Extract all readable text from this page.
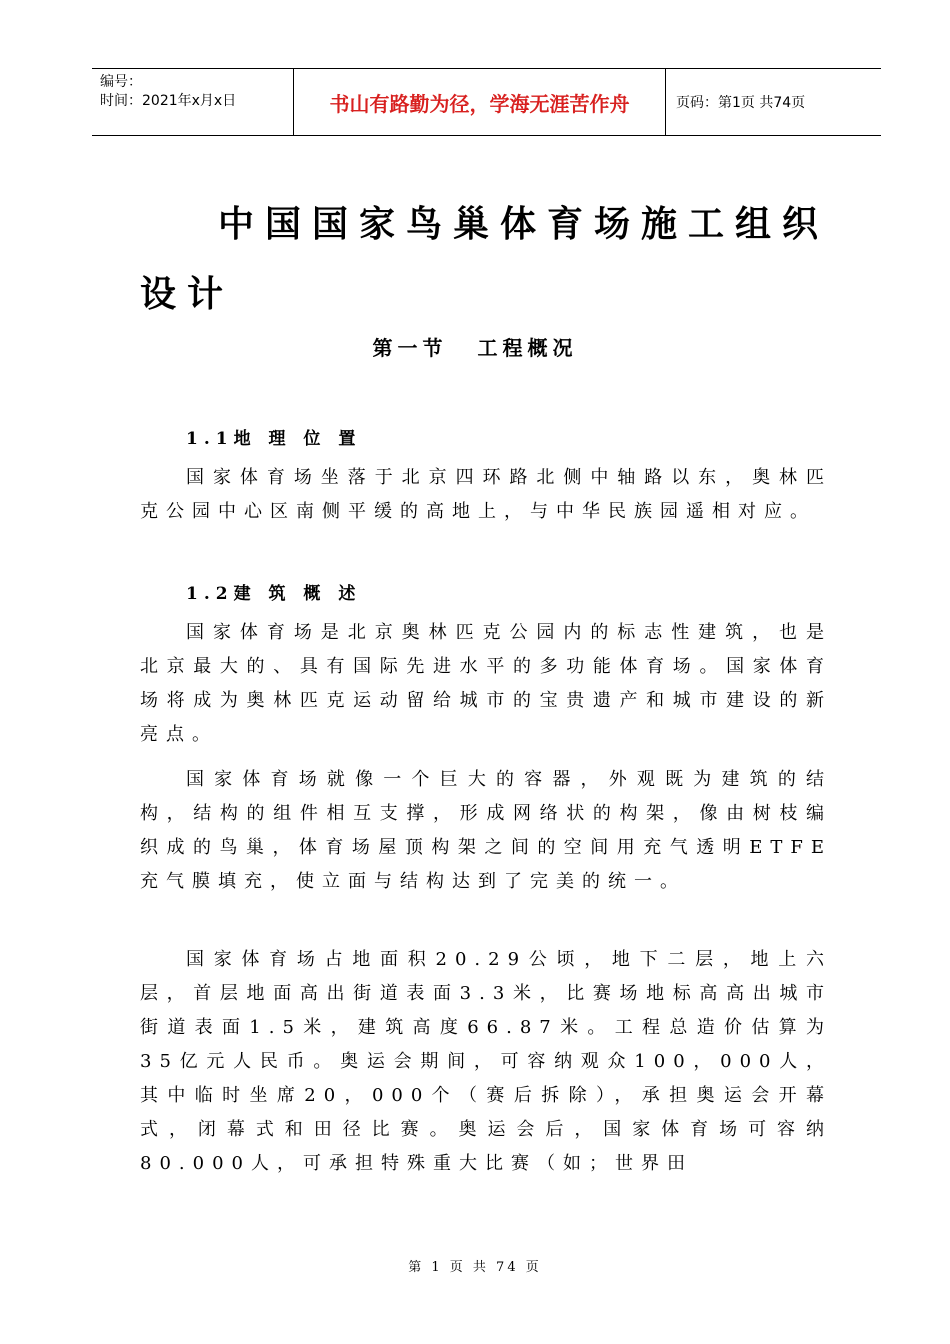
编号：
时间：2021年x月x日	书山有路勤为径，学海无涯苦作舟	页码：第1页 共74页
中国国家鸟巢体育场施工组织
设计
第一节 工程概况
1.1地 理 位 置
国家体育场坐落于北京四环路北侧中轴路以东，奥林匹克公园中心区南侧平缓的高地上，与中华民族园遥相对应。
1.2建 筑 概 述
国家体育场是北京奥林匹克公园内的标志性建筑，也是北京最大的、具有国际先进水平的多功能体育场。国家体育场将成为奥林匹克运动留给城市的宝贵遗产和城市建设的新亮点。
国家体育场就像一个巨大的容器，外观既为建筑的结构，结构的组件相互支撑，形成网络状的构架，像由树枝编织成的鸟巢，体育场屋顶构架之间的空间用充气透明ETFE充气膜填充，使立面与结构达到了完美的统一。
国家体育场占地面积20.29公顷，地下二层，地上六层，首层地面高出街道表面3.3米，比赛场地标高高出城市街道表面1.5米，建筑高度66.87米。工程总造价估算为35亿元人民币。奥运会期间，可容纳观众100，000人，其中临时坐席20，000个（赛后拆除），承担奥运会开幕式，闭幕式和田径比赛。奥运会后，国家体育场可容纳80.000人，可承担特殊重大比赛（如；世界田
第 1 页 共 74 页
